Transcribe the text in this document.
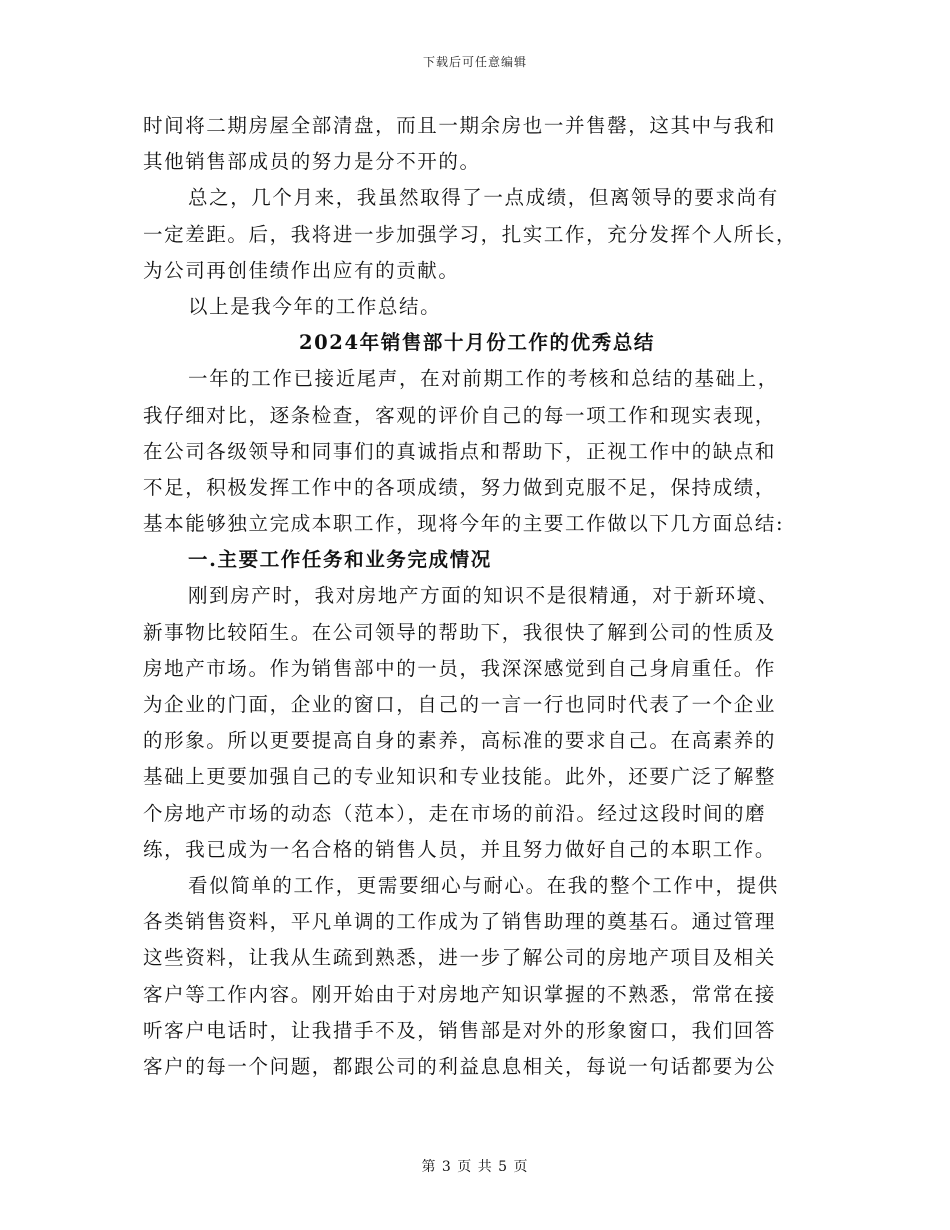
下载后可任意编辑
时间将二期房屋全部清盘，而且一期余房也一并售罄，这其中与我和
其他销售部成员的努力是分不开的。
总之，几个月来，我虽然取得了一点成绩，但离领导的要求尚有
一定差距。后，我将进一步加强学习，扎实工作，充分发挥个人所长，
为公司再创佳绩作出应有的贡献。
以上是我今年的工作总结。
2024年销售部十月份工作的优秀总结
一年的工作已接近尾声，在对前期工作的考核和总结的基础上，
我仔细对比，逐条检查，客观的评价自己的每一项工作和现实表现，
在公司各级领导和同事们的真诚指点和帮助下，正视工作中的缺点和
不足，积极发挥工作中的各项成绩，努力做到克服不足，保持成绩，
基本能够独立完成本职工作，现将今年的主要工作做以下几方面总结:
一.主要工作任务和业务完成情况
刚到房产时，我对房地产方面的知识不是很精通，对于新环境、
新事物比较陌生。在公司领导的帮助下，我很快了解到公司的性质及
房地产市场。作为销售部中的一员，我深深感觉到自己身肩重任。作
为企业的门面，企业的窗口，自己的一言一行也同时代表了一个企业
的形象。所以更要提高自身的素养，高标准的要求自己。在高素养的
基础上更要加强自己的专业知识和专业技能。此外，还要广泛了解整
个房地产市场的动态（范本），走在市场的前沿。经过这段时间的磨
练，我已成为一名合格的销售人员，并且努力做好自己的本职工作。
看似简单的工作，更需要细心与耐心。在我的整个工作中，提供
各类销售资料，平凡单调的工作成为了销售助理的奠基石。通过管理
这些资料，让我从生疏到熟悉，进一步了解公司的房地产项目及相关
客户等工作内容。刚开始由于对房地产知识掌握的不熟悉，常常在接
听客户电话时，让我措手不及，销售部是对外的形象窗口，我们回答
客户的每一个问题，都跟公司的利益息息相关，每说一句话都要为公
第 3 页 共 5 页
